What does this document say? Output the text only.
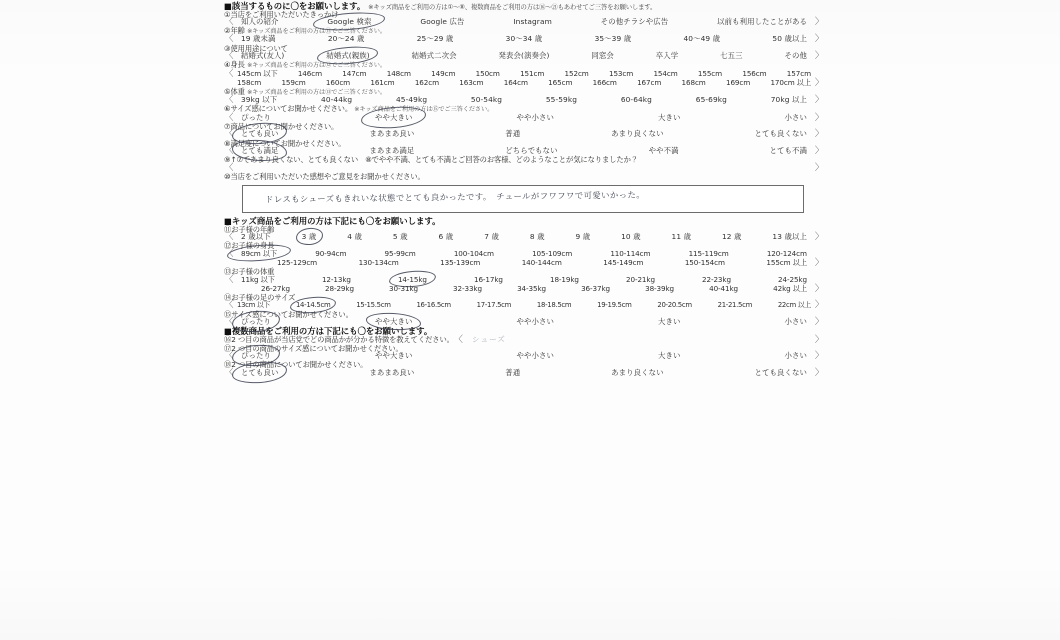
■該当するものに〇をお願いします。 ※キッズ商品をご利用の方は①～⑧、複数商品をご利用の方は⑯～㉑もあわせてご三答をお願いします。
①当店をご利用いただいたきっかけ
〈 知人の紹介	Google 検索	Google 広告	Instagram	その他チラシや広告	以前も利用したことがある 〉
②年齢 ※キッズ商品をご利用の方は⑪でご三答ください。
〈 19 歳未満	20～24 歳	25～29 歳	30～34 歳	35～39 歳	40～49 歳	50 歳以上 〉
③使用用途について
〈 結婚式(友人)	結婚式(親族)	結婚式二次会	発表会(演奏会)	同窓会	卒入学	七五三	その他 〉
④身長 ※キッズ商品をご利用の方は⑫でご三答ください。
〈 145cm 以下	146cm	147cm	148cm	149cm	150cm	151cm	152cm	153cm	154cm	155cm	156cm	157cm
158cm	159cm	160cm	161cm	162cm	163cm	164cm	165cm	166cm	167cm	168cm	169cm	170cm 以上 〉
⑤体重 ※キッズ商品をご利用の方は⑬でご三答ください。
〈 39kg 以下	40-44kg	45-49kg	50-54kg	55-59kg	60-64kg	65-69kg	70kg 以上 〉
⑥サイズ感についてお聞かせください。 ※キッズ商品をご利用の方は⑮でご三答ください。
〈 ぴったり	やや大きい	やや小さい	大きい	小さい 〉
⑦商品についてお聞かせください。
〈 とても良い	まあまあ良い	普通	あまり良くない	とても良くない 〉
⑧満足度についてお聞かせください。
〈 とても満足	まあまあ満足	どちらでもない	やや不満	とても不満 〉
⑨↑⑦であまり良くない、とても良くない　⑧でやや不満、とても不満とご回答のお客様、どのようなことが気になりましたか？
〈	〉
⑩当店をご利用いただいた感想やご意見をお聞かせください。
ドレスもシューズもきれいな状態でとても良かったです。　チュールがフワフワで可愛いかった。
■キッズ商品をご利用の方は下記にも〇をお願いします。
⑪お子様の年齢
〈 2 歳以下	3 歳	4 歳	5 歳	6 歳	7 歳	8 歳	9 歳	10 歳	11 歳	12 歳	13 歳以上 〉
⑫お子様の身長
〈 89cm 以下	90-94cm	95-99cm	100-104cm	105-109cm	110-114cm	115-119cm	120-124cm
125-129cm	130-134cm	135-139cm	140-144cm	145-149cm	150-154cm	155cm 以上 〉
⑬お子様の体重
〈 11kg 以下	12-13kg	14-15kg	16-17kg	18-19kg	20-21kg	22-23kg	24-25kg
26-27kg	28-29kg	30-31kg	32-33kg	34-35kg	36-37kg	38-39kg	40-41kg	42kg 以上 〉
⑭お子様の足のサイズ
〈 13cm 以下	14-14.5cm	15-15.5cm	16-16.5cm	17-17.5cm	18-18.5cm	19-19.5cm	20-20.5cm	21-21.5cm	22cm 以上 〉
⑮サイズ感についてお聞かせください。
〈 ぴったり	やや大きい	やや小さい	大きい	小さい 〉
■複数商品をご利用の方は下記にも〇をお願いします。
⑯2 つ目の商品が当店党でどの商品かが分かる特徴を教えてください。 〈 シューズ	〉
⑰2 つ目の商品のサイズ感についてお聞かせください。
〈 ぴったり	やや大きい	やや小さい	大きい	小さい 〉
⑱2 つ目の商品についてお聞かせください。
〈 とても良い	まあまあ良い	普通	あまり良くない	とても良くない 〉
